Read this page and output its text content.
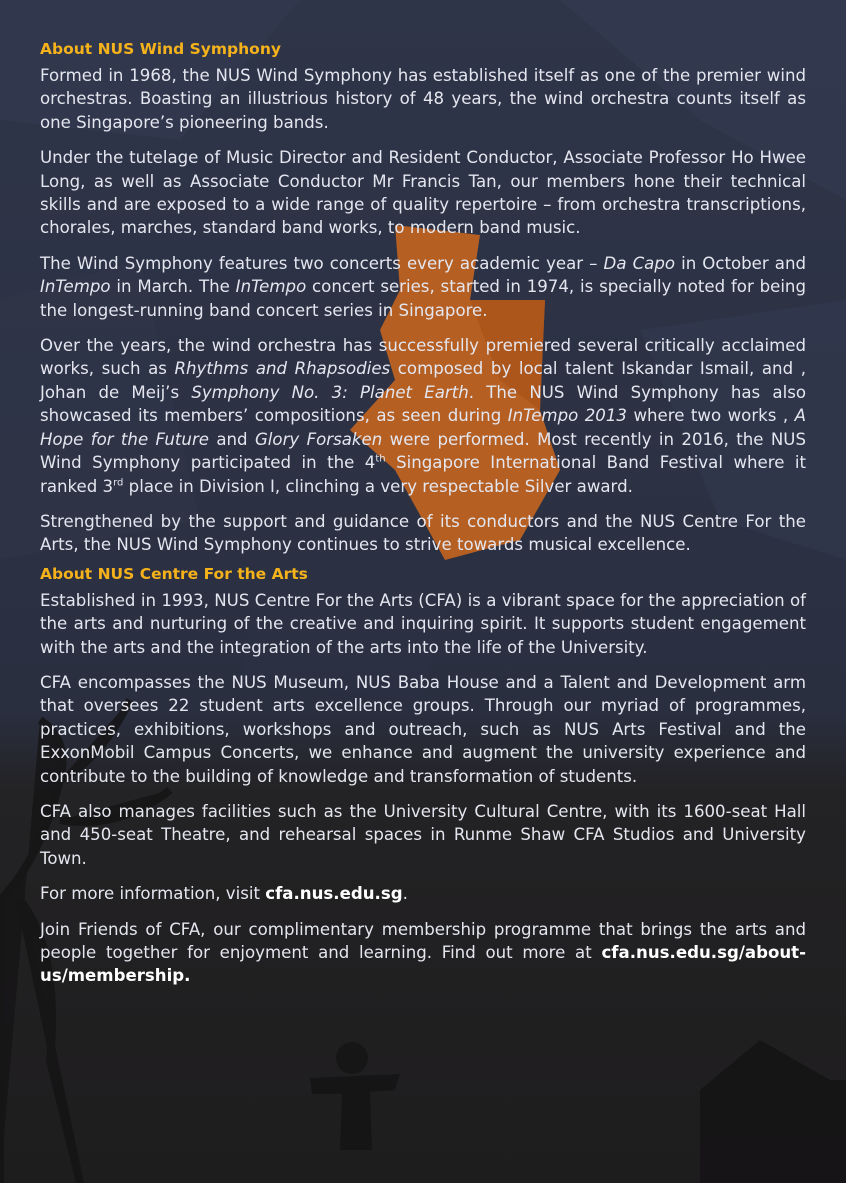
About NUS Wind Symphony

Formed in 1968, the NUS Wind Symphony has established itself as one of the premier wind orchestras. Boasting an illustrious history of 48 years, the wind orchestra counts itself as one Singapore’s pioneering bands.

Under the tutelage of Music Director and Resident Conductor, Associate Professor Ho Hwee Long, as well as Associate Conductor Mr Francis Tan, our members hone their technical skills and are exposed to a wide range of quality repertoire – from orchestra transcriptions, chorales, marches, standard band works, to modern band music.

The Wind Symphony features two concerts every academic year – Da Capo in October and InTempo in March. The InTempo concert series, started in 1974, is specially noted for being the longest-running band concert series in Singapore.

Over the years, the wind orchestra has successfully premiered several critically acclaimed works, such as Rhythms and Rhapsodies composed by local talent Iskandar Ismail, and , Johan de Meij’s Symphony No. 3: Planet Earth. The NUS Wind Symphony has also showcased its members’ compositions, as seen during InTempo 2013 where two works , A Hope for the Future and Glory Forsaken were performed. Most recently in 2016, the NUS Wind Symphony participated in the 4th Singapore International Band Festival where it ranked 3rd place in Division I, clinching a very respectable Silver award.

Strengthened by the support and guidance of its conductors and the NUS Centre For the Arts, the NUS Wind Symphony continues to strive towards musical excellence.

About NUS Centre For the Arts

Established in 1993, NUS Centre For the Arts (CFA) is a vibrant space for the appreciation of the arts and nurturing of the creative and inquiring spirit. It supports student engagement with the arts and the integration of the arts into the life of the University.

CFA encompasses the NUS Museum, NUS Baba House and a Talent and Development arm that oversees 22 student arts excellence groups. Through our myriad of programmes, practices, exhibitions, workshops and outreach, such as NUS Arts Festival and the ExxonMobil Campus Concerts, we enhance and augment the university experience and contribute to the building of knowledge and transformation of students.

CFA also manages facilities such as the University Cultural Centre, with its 1600-seat Hall and 450-seat Theatre, and rehearsal spaces in Runme Shaw CFA Studios and University Town.

For more information, visit cfa.nus.edu.sg.

Join Friends of CFA, our complimentary membership programme that brings the arts and people together for enjoyment and learning. Find out more at cfa.nus.edu.sg/about-us/membership.
